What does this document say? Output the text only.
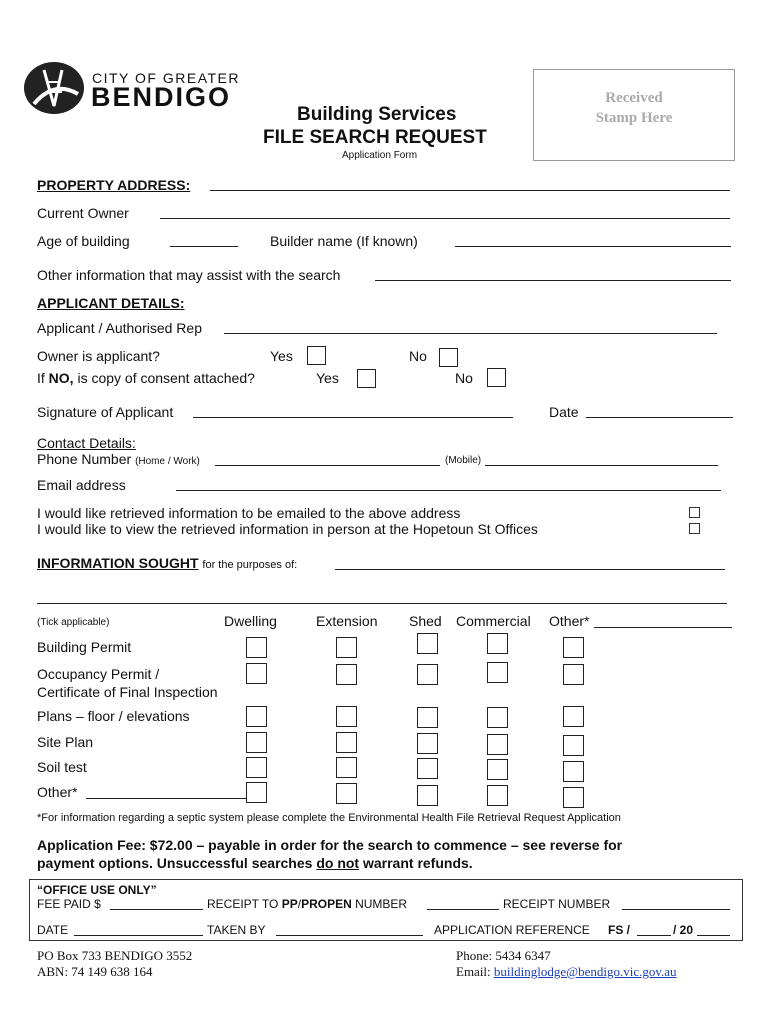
CITY OF GREATER
BENDIGO	Received
Stamp Here
Building Services
FILE SEARCH REQUEST
Application Form
PROPERTY ADDRESS:
Current Owner
Age of building	Builder name (If known)
Other information that may assist with the search
APPLICANT DETAILS:
Applicant / Authorised Rep
Owner is applicant?	Yes	No
If NO, is copy of consent attached?	Yes	No
Signature of Applicant	Date
Contact Details:
Phone Number (Home / Work)	(Mobile)
Email address
I would like retrieved information to be emailed to the above address
I would like to view the retrieved information in person at the Hopetoun St Offices
INFORMATION SOUGHT for the purposes of:
(Tick applicable)	Dwelling	Extension Shed Commercial Other*
Building Permit
Occupancy Permit /
Certificate of Final Inspection
Plans – floor / elevations
Site Plan
Soil test
Other*
*For information regarding a septic system please complete the Environmental Health File Retrieval Request Application
Application Fee: $72.00 – payable in order for the search to commence – see reverse for
payment options. Unsuccessful searches do not warrant refunds.
“OFFICE USE ONLY”
FEE PAID $	RECEIPT TO PP/PROPEN NUMBER	RECEIPT NUMBER
DATE	TAKEN BY	APPLICATION REFERENCE FS /	/ 20
PO Box 733 BENDIGO 3552
ABN: 74 149 638 164
Phone: 5434 6347
Email: buildinglodge@bendigo.vic.gov.au
